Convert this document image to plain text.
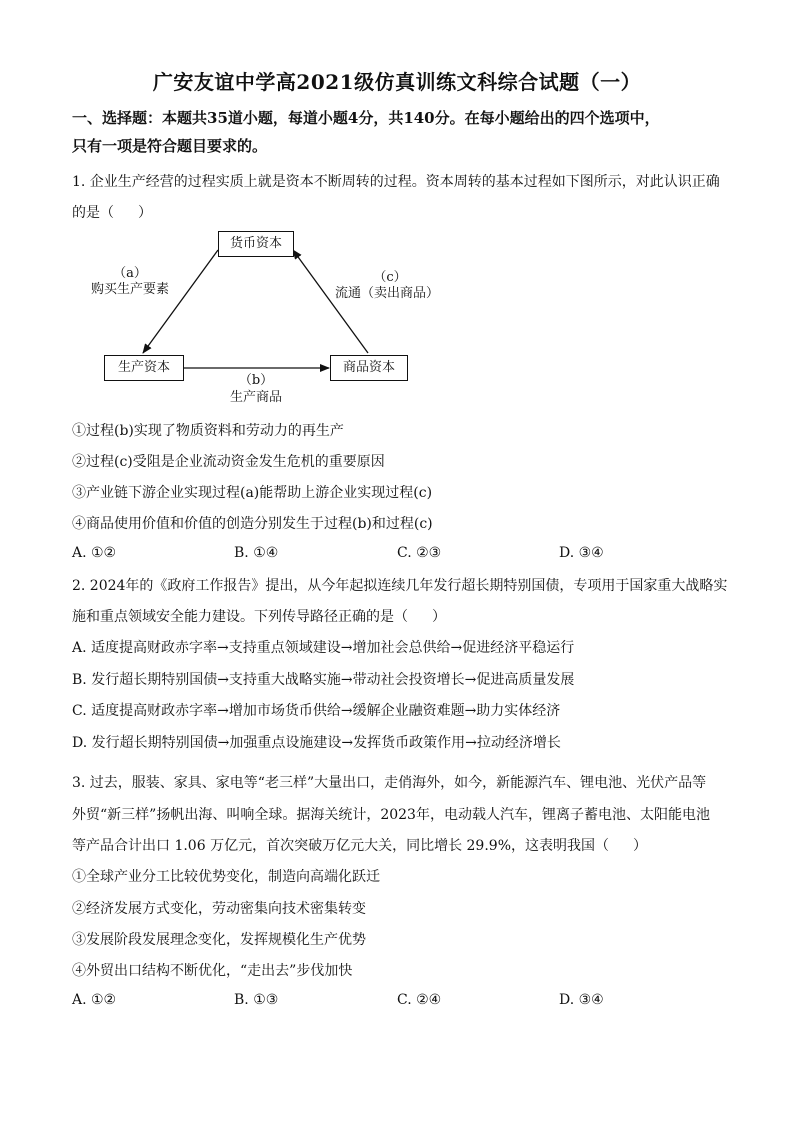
广安友谊中学高2021级仿真训练文科综合试题（一）
一、选择题：本题共35道小题，每道小题4分，共140分。在每小题给出的四个选项中，
只有一项是符合题目要求的。
1. 企业生产经营的过程实质上就是资本不断周转的过程。资本周转的基本过程如下图所示，对此认识正确
的是（ ）
货币资本
生产资本	商品资本
（a）
购买生产要素
（b）
生产商品
（c）
流通（卖出商品）
①过程(b)实现了物质资料和劳动力的再生产
②过程(c)受阻是企业流动资金发生危机的重要原因
③产业链下游企业实现过程(a)能帮助上游企业实现过程(c)
④商品使用价值和价值的创造分别发生于过程(b)和过程(c)
A. ①②	B. ①④	C. ②③	D. ③④
2. 2024年的《政府工作报告》提出，从今年起拟连续几年发行超长期特别国债，专项用于国家重大战略实
施和重点领域安全能力建设。下列传导路径正确的是（ ）
A. 适度提高财政赤字率→支持重点领域建设→增加社会总供给→促进经济平稳运行
B. 发行超长期特别国债→支持重大战略实施→带动社会投资增长→促进高质量发展
C. 适度提高财政赤字率→增加市场货币供给→缓解企业融资难题→助力实体经济
D. 发行超长期特别国债→加强重点设施建设→发挥货币政策作用→拉动经济增长
3. 过去，服装、家具、家电等“老三样”大量出口，走俏海外，如今，新能源汽车、锂电池、光伏产品等
外贸“新三样”扬帆出海、叫响全球。据海关统计，2023年，电动载人汽车，锂离子蓄电池、太阳能电池
等产品合计出口 1.06 万亿元，首次突破万亿元大关，同比增长 29.9%，这表明我国（ ）
①全球产业分工比较优势变化，制造向高端化跃迁
②经济发展方式变化，劳动密集向技术密集转变
③发展阶段发展理念变化，发挥规模化生产优势
④外贸出口结构不断优化，“走出去”步伐加快
A. ①②	B. ①③	C. ②④	D. ③④
